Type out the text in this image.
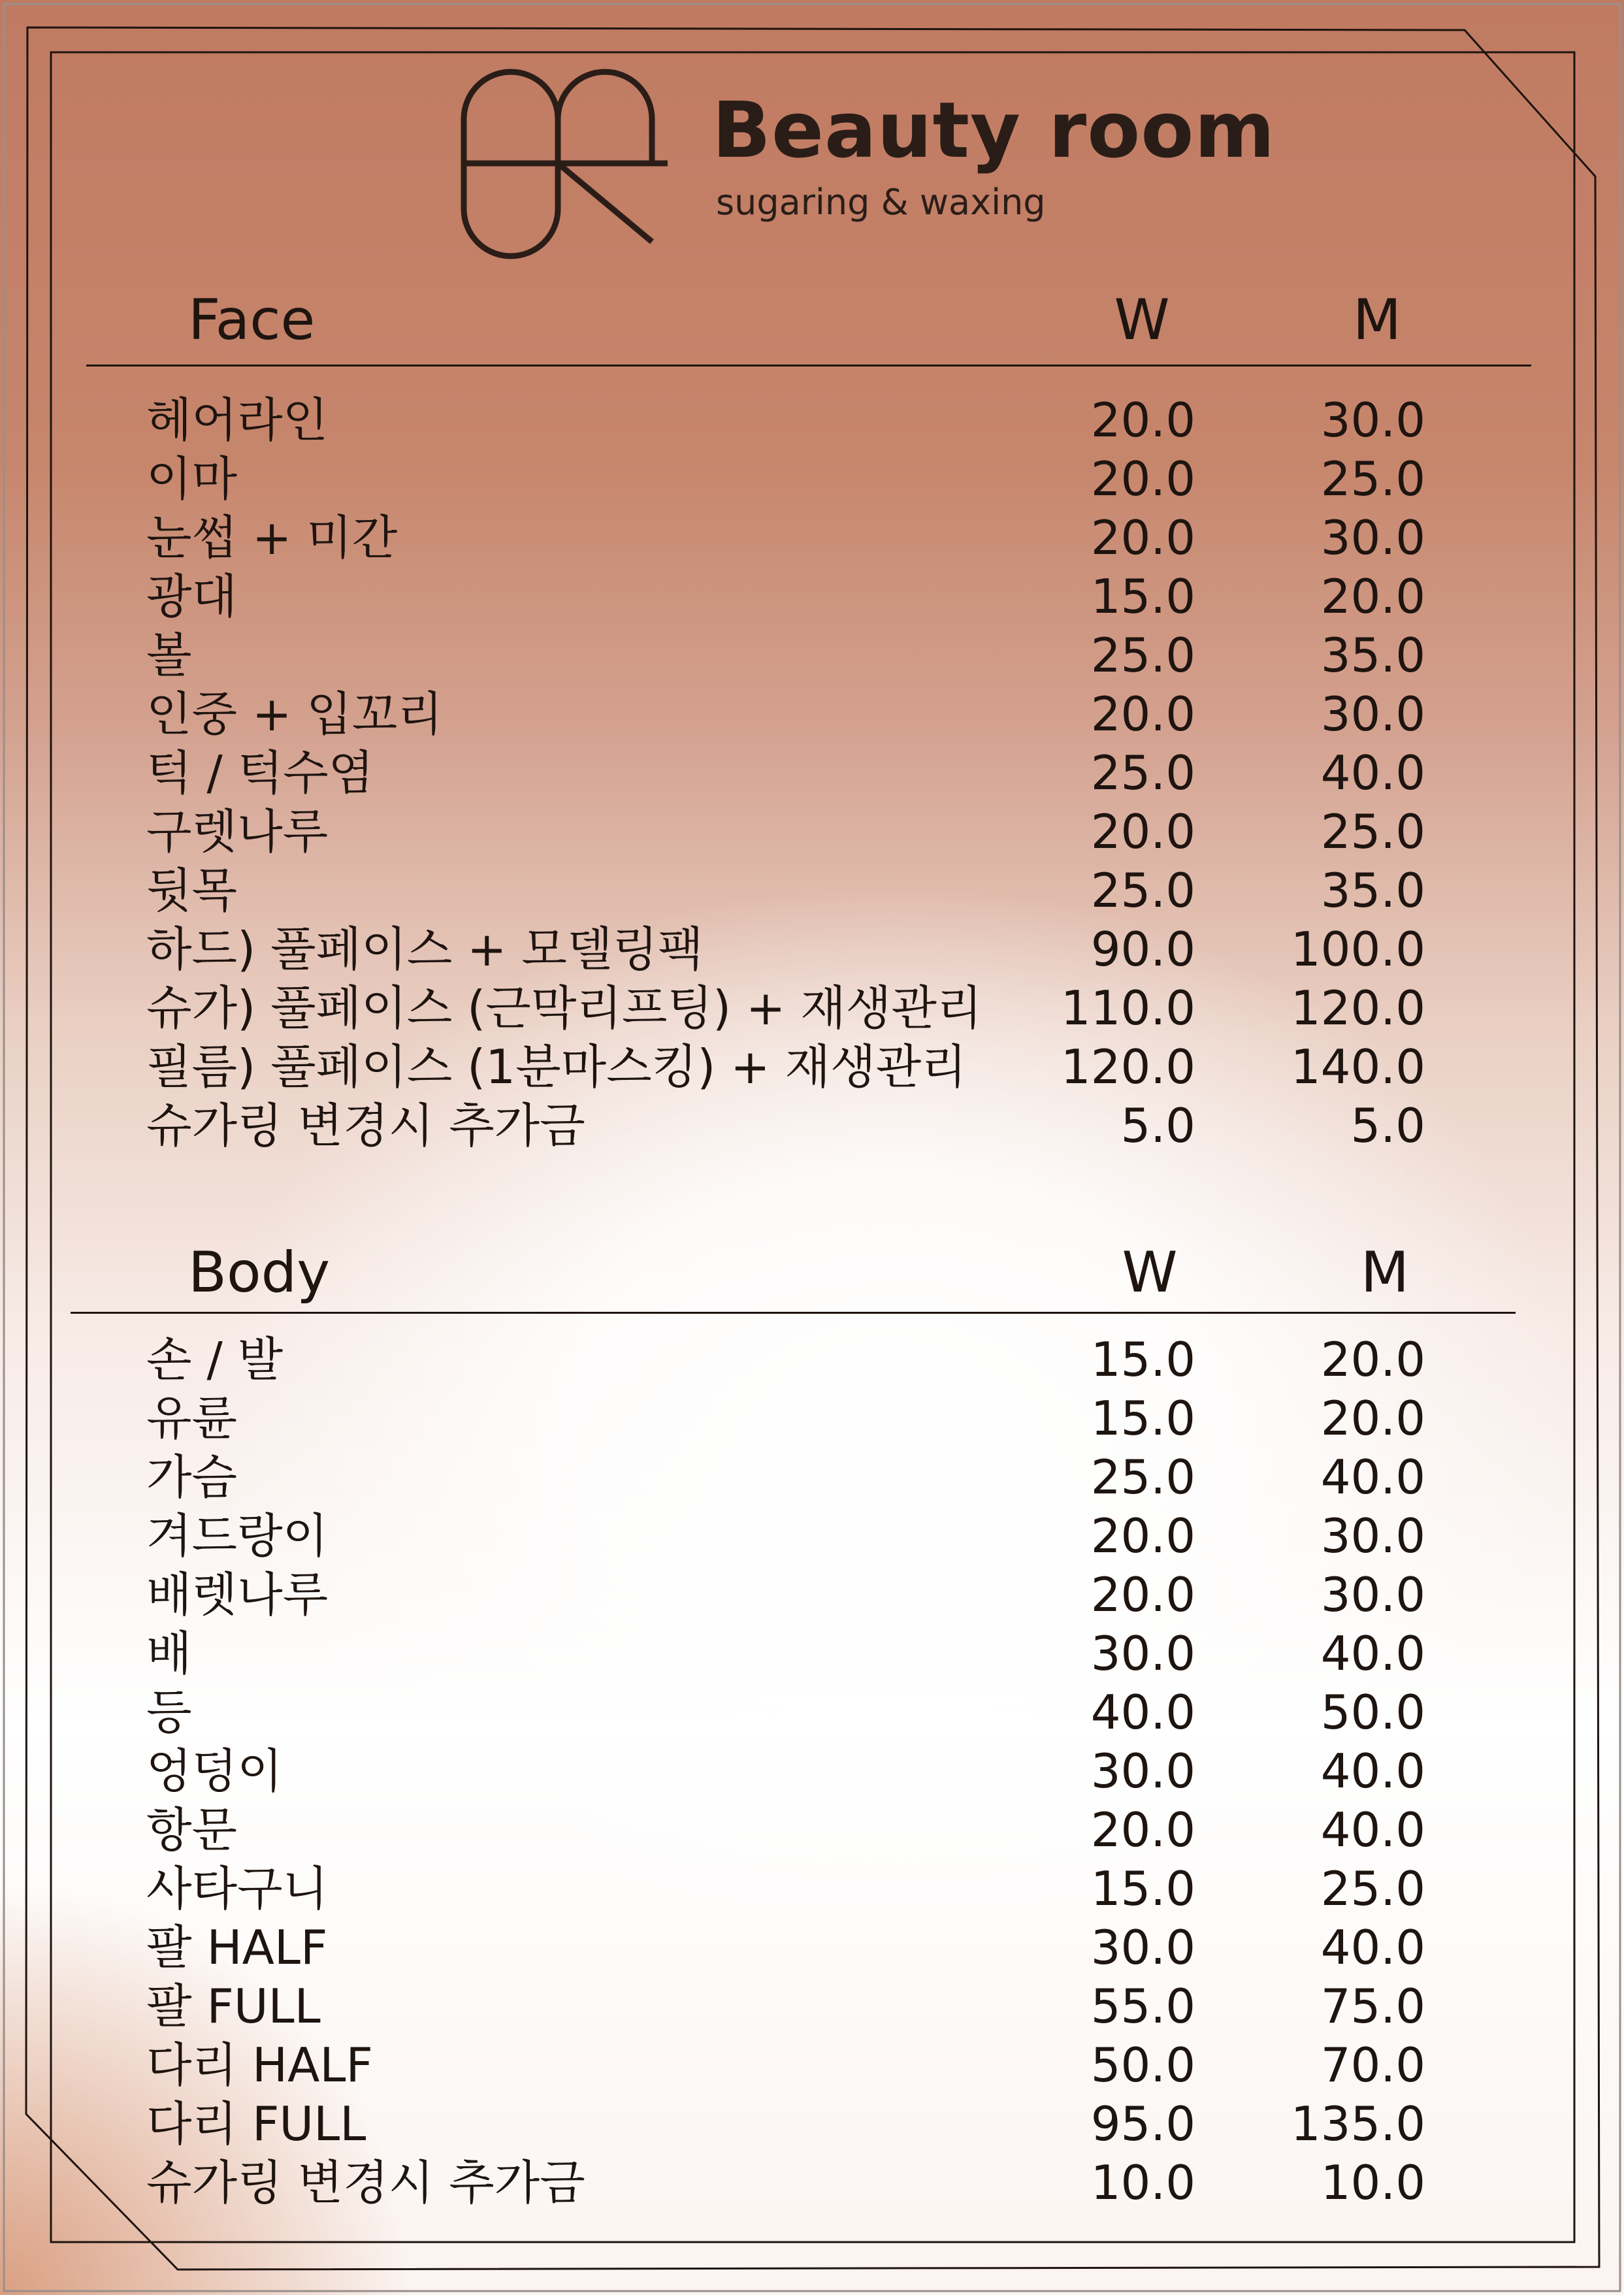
Beauty room
sugaring & waxing
Face	W	M
헤어라인	20.0	30.0
이마	20.0	25.0
눈썹 + 미간	20.0	30.0
광대	15.0	20.0
볼	25.0	35.0
인중 + 입꼬리	20.0	30.0
턱 / 턱수염	25.0	40.0
구렛나루	20.0	25.0
뒷목	25.0	35.0
하드) 풀페이스 + 모델링팩	90.0 100.0
슈가) 풀페이스 (근막리프팅) + 재생관리 110.0 120.0
필름) 풀페이스 (1분마스킹) + 재생관리 120.0 140.0
슈가링 변경시 추가금	5.0	5.0
Body	W	M
손 / 발	15.0	20.0
유륜	15.0	20.0
가슴	25.0	40.0
겨드랑이	20.0	30.0
배렛나루	20.0	30.0
배	30.0	40.0
등	40.0	50.0
엉덩이	30.0	40.0
항문	20.0	40.0
사타구니	15.0	25.0
팔 HALF	30.0	40.0
팔 FULL	55.0	75.0
다리 HALF	50.0	70.0
다리 FULL	95.0 135.0
슈가링 변경시 추가금	10.0	10.0
